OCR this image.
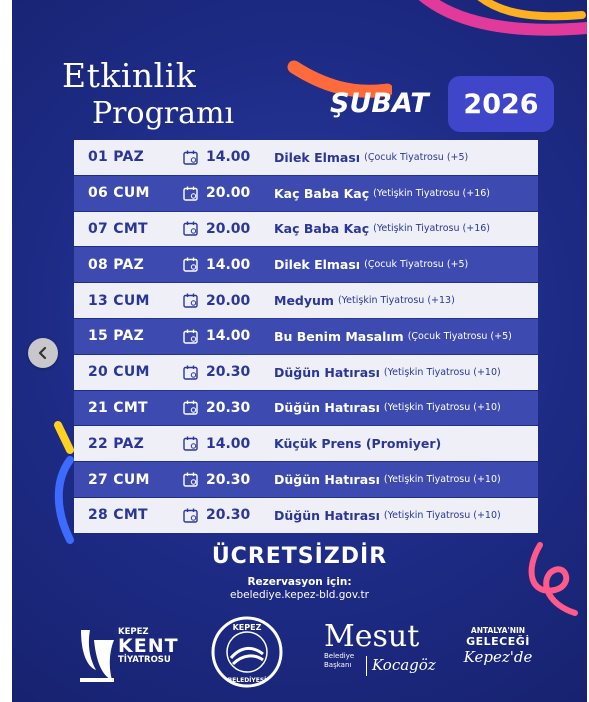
Etkinlik
Programı	ŞUBAT 2026
01 PAZ	14.00	Dilek Elması (Çocuk Tiyatrosu (+5)
06 CUM	20.00	Kaç Baba Kaç (Yetişkin Tiyatrosu (+16)
07 CMT	20.00	Kaç Baba Kaç (Yetişkin Tiyatrosu (+16)
08 PAZ	14.00	Dilek Elması (Çocuk Tiyatrosu (+5)
13 CUM	20.00	Medyum (Yetişkin Tiyatrosu (+13)
15 PAZ	14.00	Bu Benim Masalım (Çocuk Tiyatrosu (+5)
20 CUM	20.30	Düğün Hatırası (Yetişkin Tiyatrosu (+10)
21 CMT	20.30	Düğün Hatırası (Yetişkin Tiyatrosu (+10)
22 PAZ	14.00	Küçük Prens (Promiyer)
27 CUM	20.30	Düğün Hatırası (Yetişkin Tiyatrosu (+10)
28 CMT	20.30	Düğün Hatırası (Yetişkin Tiyatrosu (+10)
ÜCRETSİZDİR
Rezervasyon için:
ebelediye.kepez-bld.gov.tr
KEPEZ
KENT
TİYATROSU
KEPEZ
BELEDİYESİ
Mesut
Belediye
Başkanı	Kocagöz
ANTALYA'NIN
GELECEĞİ
Kepez'de
